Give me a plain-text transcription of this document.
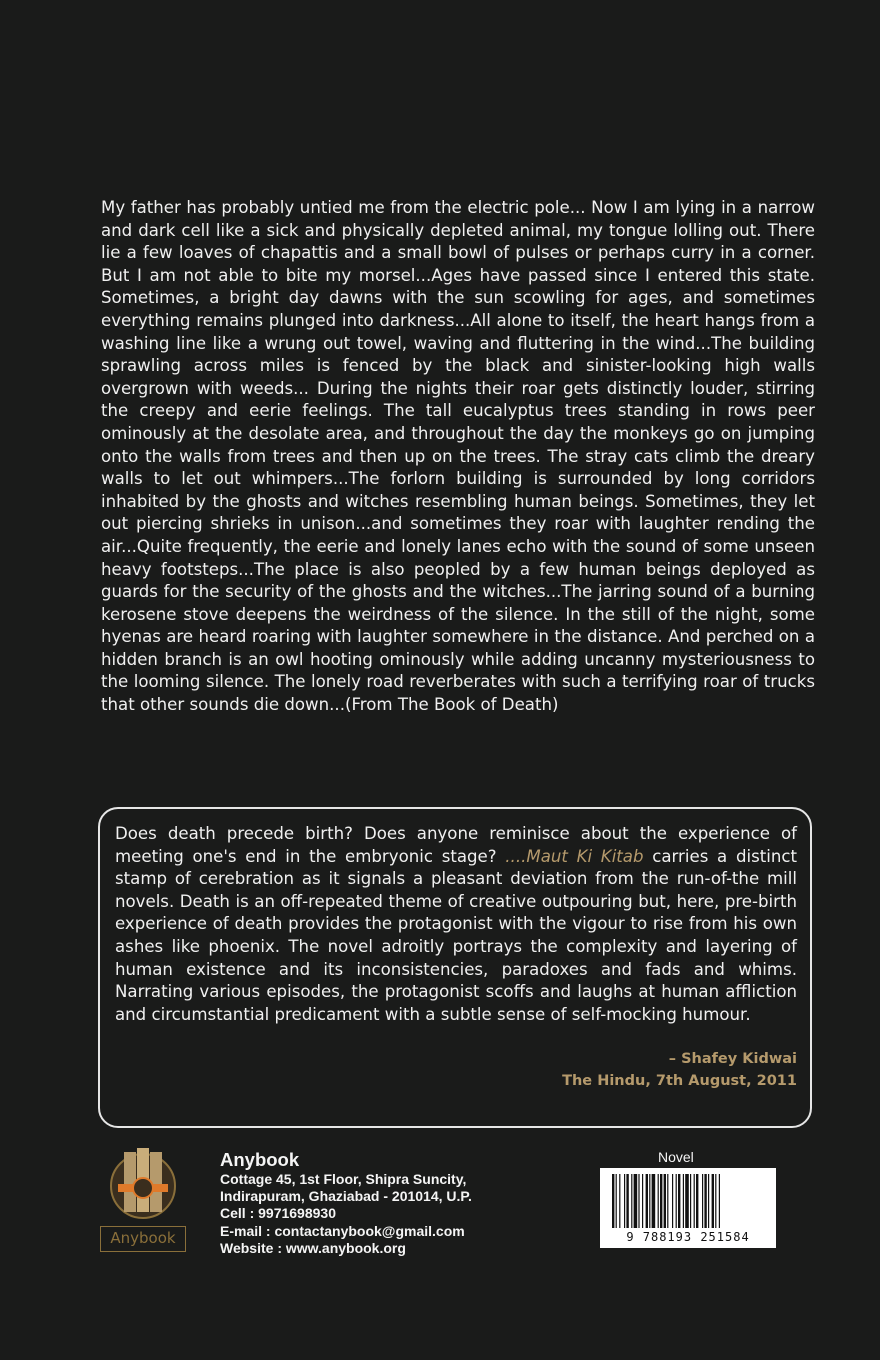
My father has probably untied me from the electric pole... Now I am lying in a narrow and dark cell like a sick and physically depleted animal, my tongue lolling out. There lie a few loaves of chapattis and a small bowl of pulses or perhaps curry in a corner. But I am not able to bite my morsel...Ages have passed since I entered this state. Sometimes, a bright day dawns with the sun scowling for ages, and sometimes everything remains plunged into darkness...All alone to itself, the heart hangs from a washing line like a wrung out towel, waving and fluttering in the wind...The building sprawling across miles is fenced by the black and sinister-looking high walls overgrown with weeds... During the nights their roar gets distinctly louder, stirring the creepy and eerie feelings. The tall eucalyptus trees standing in rows peer ominously at the desolate area, and throughout the day the monkeys go on jumping onto the walls from trees and then up on the trees. The stray cats climb the dreary walls to let out whimpers...The forlorn building is surrounded by long corridors inhabited by the ghosts and witches resembling human beings. Sometimes, they let out piercing shrieks in unison...and sometimes they roar with laughter rending the air...Quite frequently, the eerie and lonely lanes echo with the sound of some unseen heavy footsteps...The place is also peopled by a few human beings deployed as guards for the security of the ghosts and the witches...The jarring sound of a burning kerosene stove deepens the weirdness of the silence. In the still of the night, some hyenas are heard roaring with laughter somewhere in the distance. And perched on a hidden branch is an owl hooting ominously while adding uncanny mysteriousness to the looming silence. The lonely road reverberates with such a terrifying roar of trucks that other sounds die down...(From The Book of Death)

Does death precede birth? Does anyone reminisce about the experience of meeting one's end in the embryonic stage? ....Maut Ki Kitab carries a distinct stamp of cerebration as it signals a pleasant deviation from the run-of-the mill novels. Death is an off-repeated theme of creative outpouring but, here, pre-birth experience of death provides the protagonist with the vigour to rise from his own ashes like phoenix. The novel adroitly portrays the complexity and layering of human existence and its inconsistencies, paradoxes and fads and whims. Narrating various episodes, the protagonist scoffs and laughs at human affliction and circumstantial predicament with a subtle sense of self-mocking humour.

– Shafey Kidwai
The Hindu, 7th August, 2011
Anybook
Anybook
Cottage 45, 1st Floor, Shipra Suncity,
Indirapuram, Ghaziabad - 201014, U.P.
Cell : 9971698930
E-mail : contactanybook@gmail.com
Website : www.anybook.org
Novel
9 788193 251584
